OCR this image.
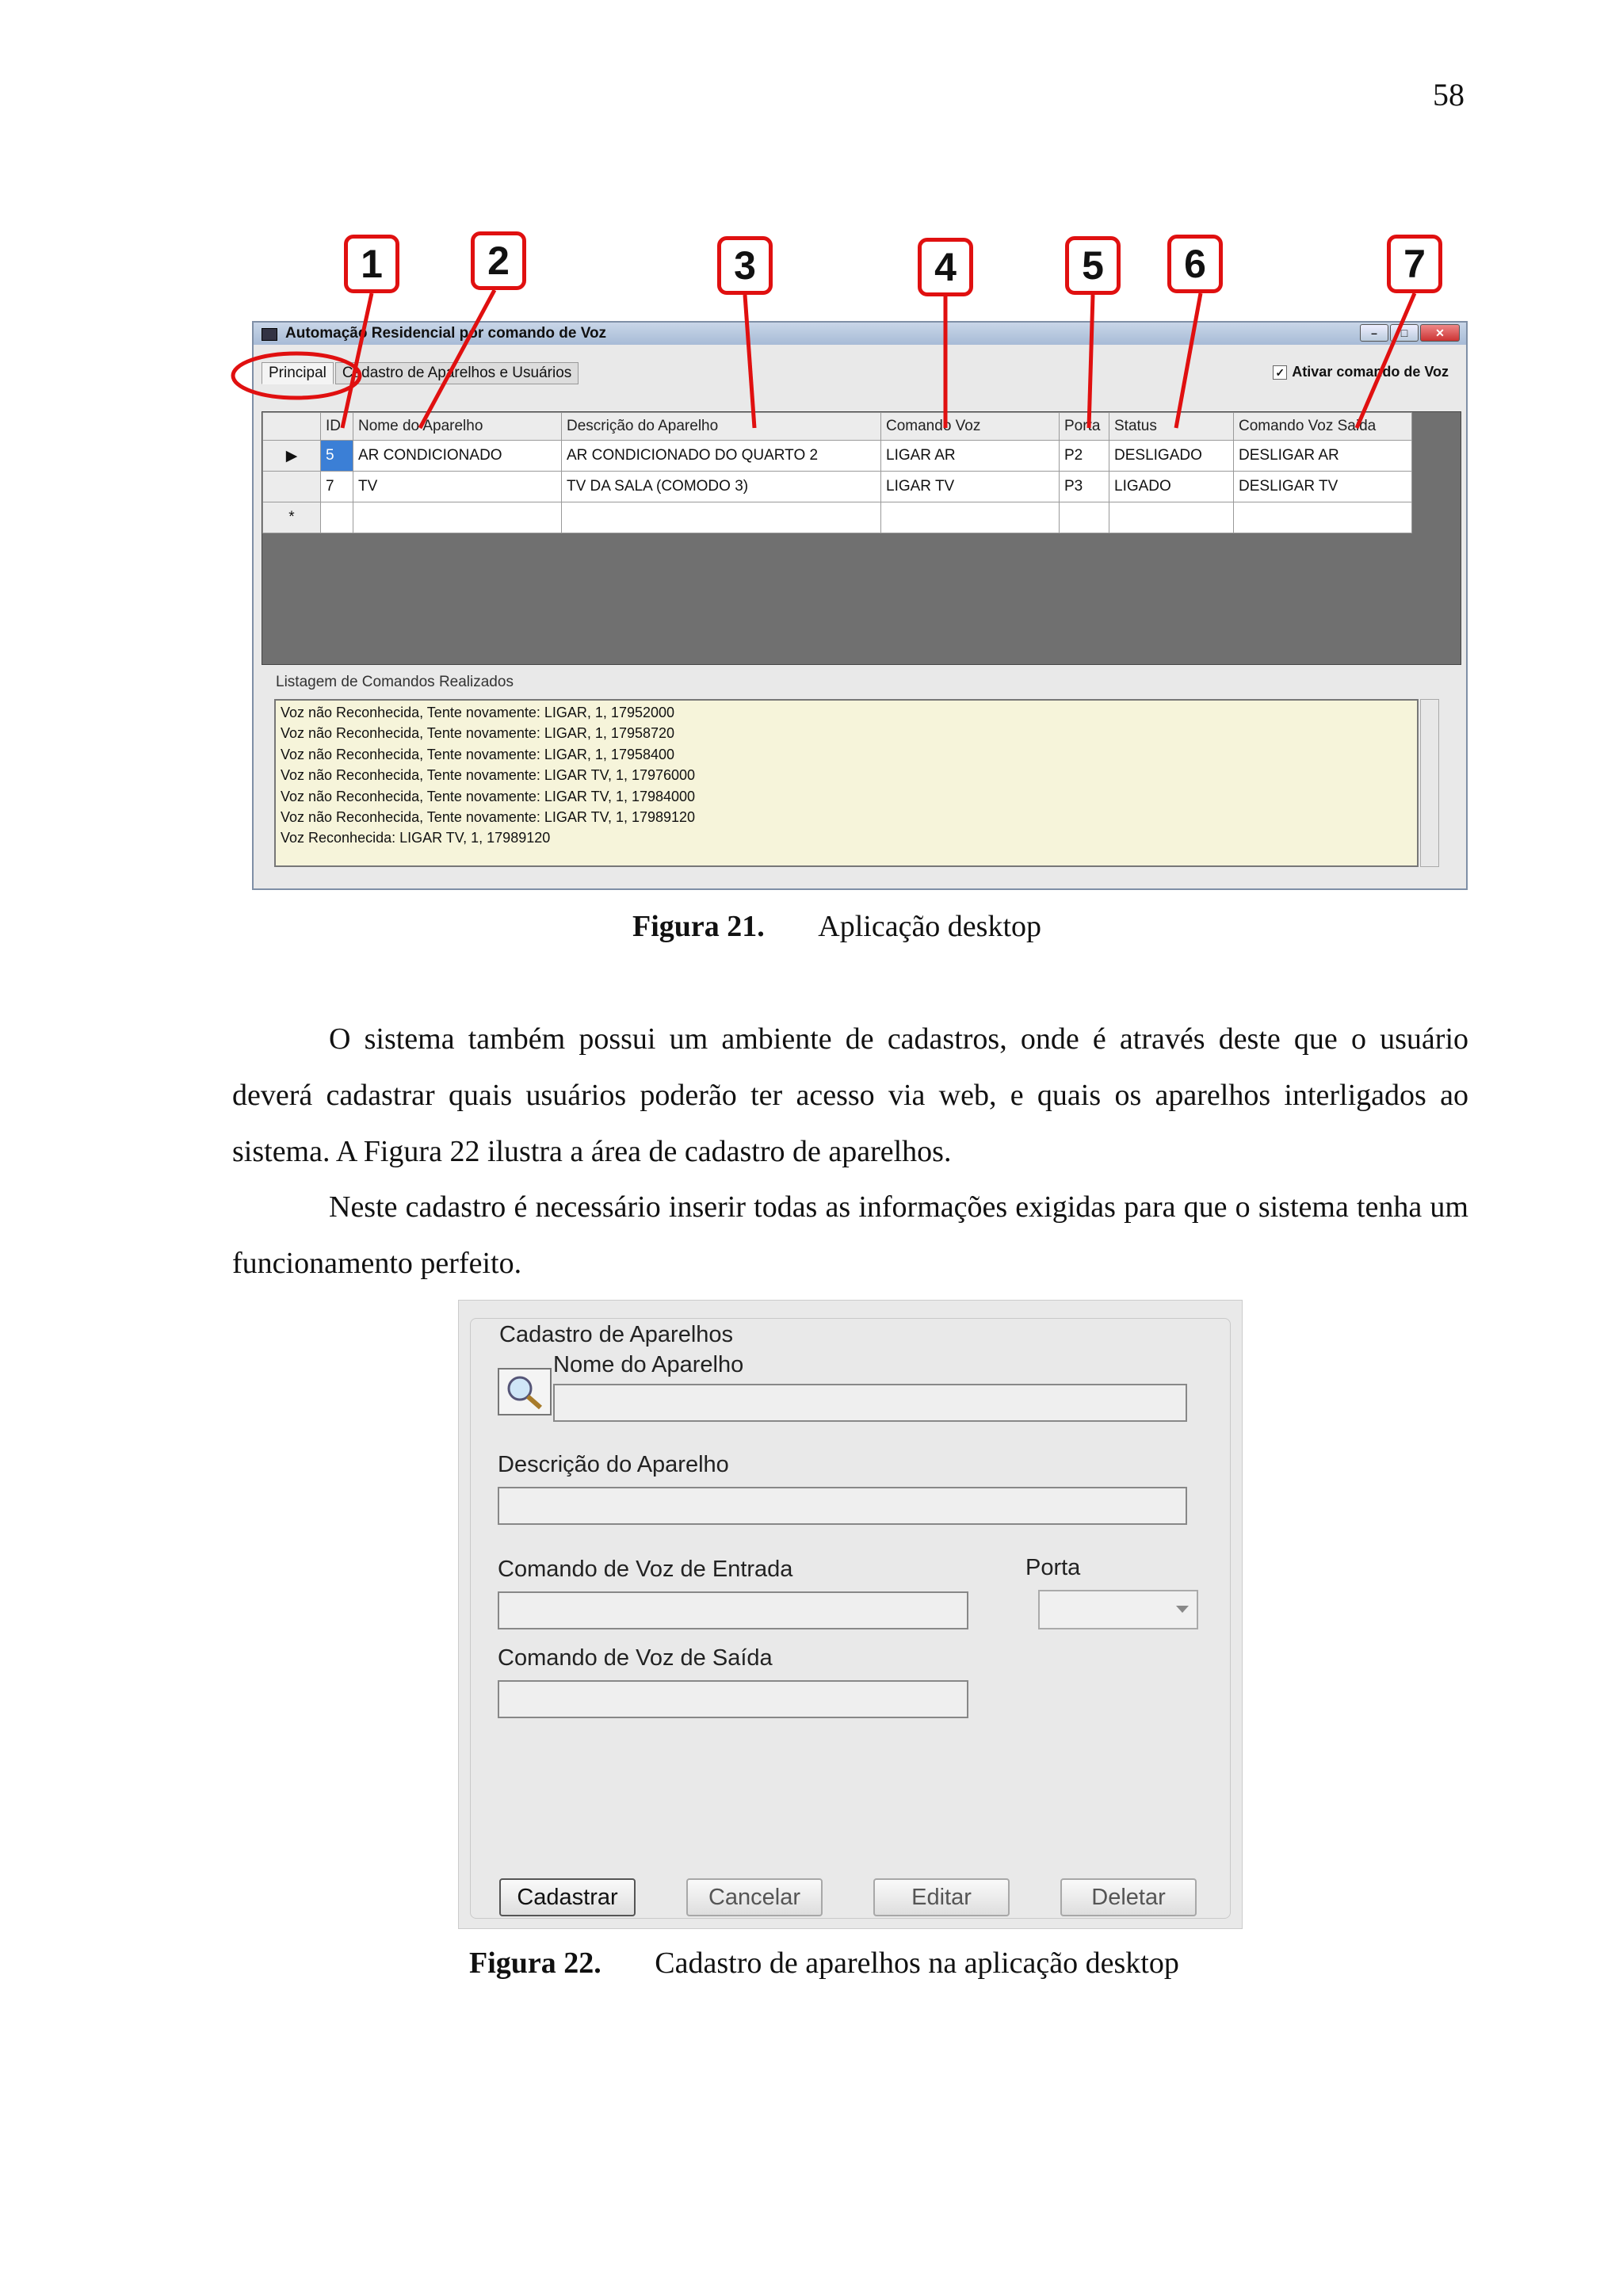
58
1	2	3	4	5	6	7
Automação Residencial por comando de Voz	–	□	✕
Principal	Cadastro de Aparelhos e Usuários	✓ Ativar comando de Voz
	ID	Nome do Aparelho	Descrição do Aparelho	Comando Voz	Porta	Status	Comando Voz Saida
▶	5	AR CONDICIONADO	AR CONDICIONADO DO QUARTO 2	LIGAR AR	P2	DESLIGADO	DESLIGAR AR
	7	TV	TV DA SALA (COMODO 3)	LIGAR TV	P3	LIGADO	DESLIGAR TV
*							
Listagem de Comandos Realizados
Voz não Reconhecida, Tente novamente: LIGAR, 1, 17952000
Voz não Reconhecida, Tente novamente: LIGAR, 1, 17958720
Voz não Reconhecida, Tente novamente: LIGAR, 1, 17958400
Voz não Reconhecida, Tente novamente: LIGAR TV, 1, 17976000
Voz não Reconhecida, Tente novamente: LIGAR TV, 1, 17984000
Voz não Reconhecida, Tente novamente: LIGAR TV, 1, 17989120
Voz Reconhecida: LIGAR TV, 1, 17989120
Figura 21. Aplicação desktop
O sistema também possui um ambiente de cadastros, onde é através deste que o usuário deverá cadastrar quais usuários poderão ter acesso via web, e quais os aparelhos interligados ao sistema. A Figura 22 ilustra a área de cadastro de aparelhos.
Neste cadastro é necessário inserir todas as informações exigidas para que o sistema tenha um funcionamento perfeito.
Cadastro de Aparelhos
Nome do Aparelho
Descrição do Aparelho
Comando de Voz de Entrada	Porta
Comando de Voz de Saída
Cadastrar	Cancelar	Editar	Deletar
Figura 22. Cadastro de aparelhos na aplicação desktop
